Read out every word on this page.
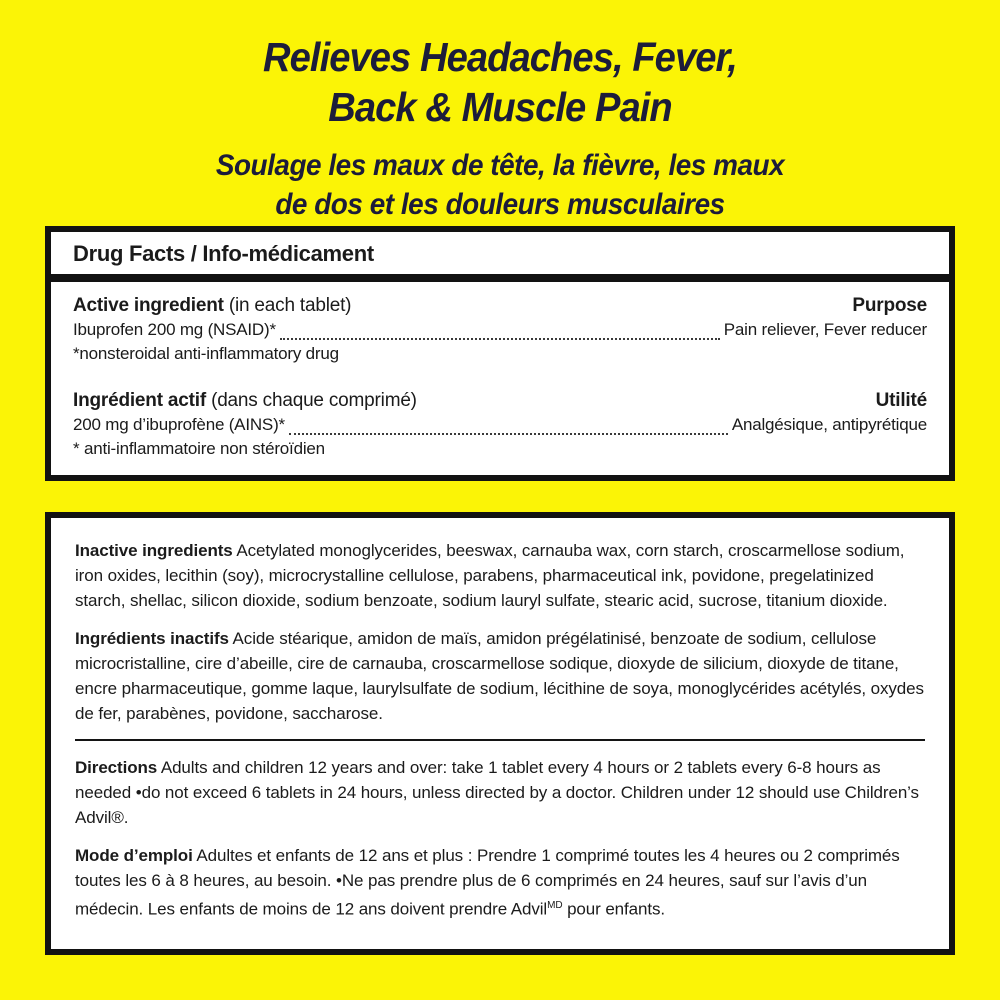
Relieves Headaches, Fever,
Back & Muscle Pain
Soulage les maux de tête, la fièvre, les maux
de dos et les douleurs musculaires
Drug Facts / Info-médicament
Active ingredient (in each tablet)	Purpose
Ibuprofen 200 mg (NSAID)*	Pain reliever, Fever reducer
*nonsteroidal anti-inflammatory drug
Ingrédient actif (dans chaque comprimé)	Utilité
200 mg d’ibuprofène (AINS)*	Analgésique, antipyrétique
* anti-inflammatoire non stéroïdien

Inactive ingredients Acetylated monoglycerides, beeswax, carnauba wax, corn starch, croscarmellose sodium, iron oxides, lecithin (soy), microcrystalline cellulose, parabens, pharmaceutical ink, povidone, pregelatinized starch, shellac, silicon dioxide, sodium benzoate, sodium lauryl sulfate, stearic acid, sucrose, titanium dioxide.

Ingrédients inactifs Acide stéarique, amidon de maïs, amidon prégélatinisé, benzoate de sodium, cellulose microcristalline, cire d’abeille, cire de carnauba, croscarmellose sodique, dioxyde de silicium, dioxyde de titane, encre pharmaceutique, gomme laque, laurylsulfate de sodium, lécithine de soya, monoglycérides acétylés, oxydes de fer, parabènes, povidone, saccharose.

Directions Adults and children 12 years and over: take 1 tablet every 4 hours or 2 tablets every 6-8 hours as needed •do not exceed 6 tablets in 24 hours, unless directed by a doctor. Children under 12 should use Children’s Advil®.

Mode d’emploi Adultes et enfants de 12 ans et plus : Prendre 1 comprimé toutes les 4 heures ou 2 comprimés toutes les 6 à 8 heures, au besoin. •Ne pas prendre plus de 6 comprimés en 24 heures, sauf sur l’avis d’un médecin. Les enfants de moins de 12 ans doivent prendre Advil$^{MD}$ pour enfants.
